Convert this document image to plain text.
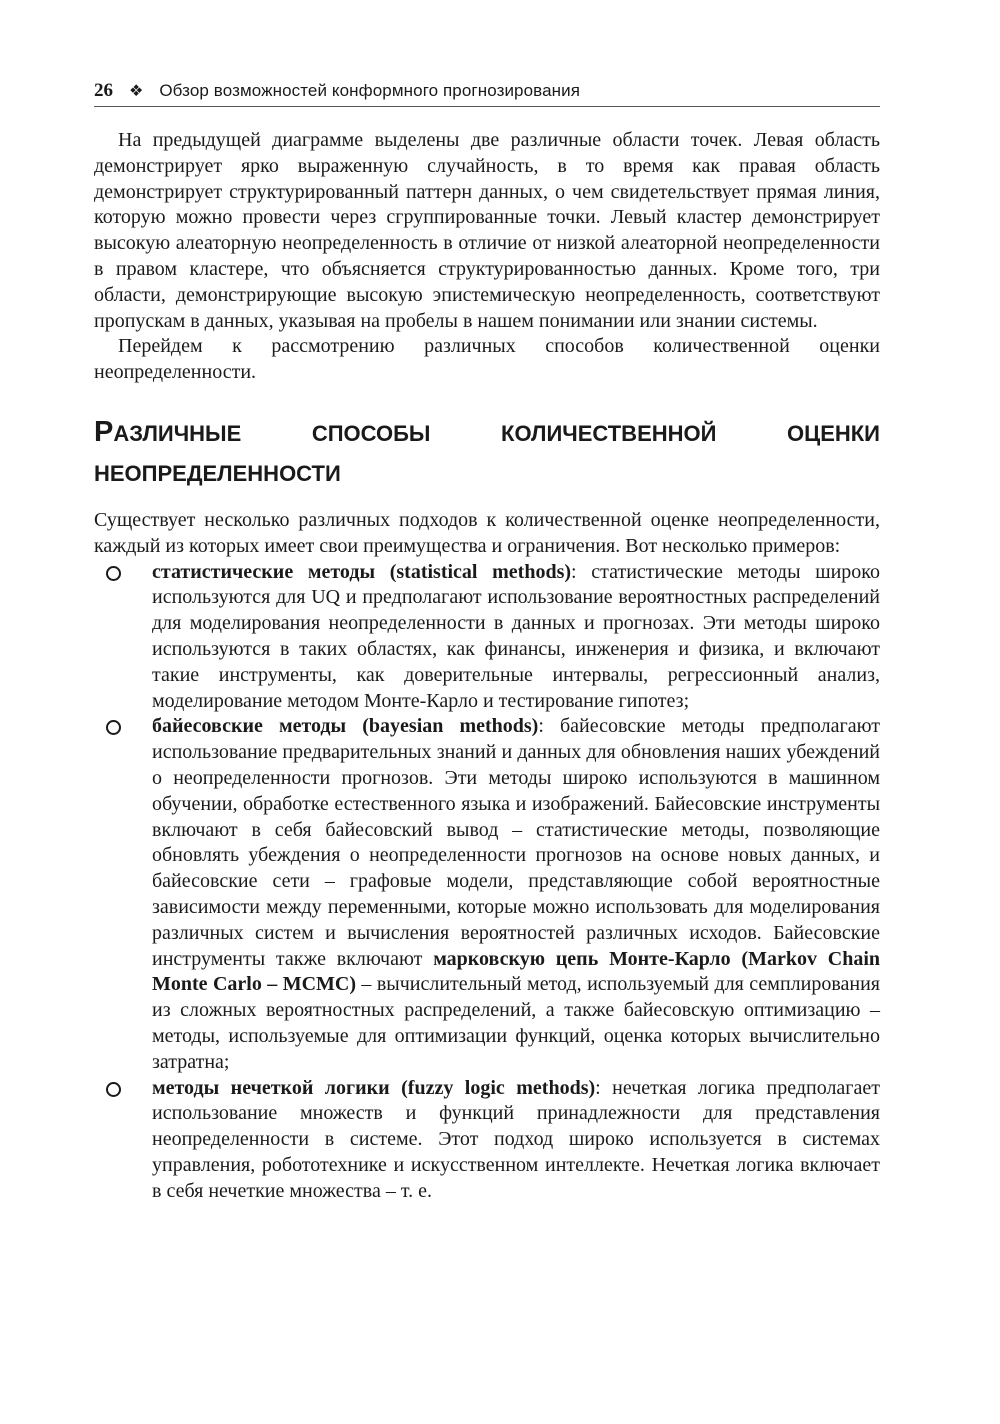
26 ❖ Обзор возможностей конформного прогнозирования

На предыдущей диаграмме выделены две различные области точек. Левая область демонстрирует ярко выраженную случайность, в то время как правая область демонстрирует структурированный паттерн данных, о чем свидетельствует прямая линия, которую можно провести через сгруппированные точки. Левый кластер демонстрирует высокую алеаторную неопределенность в отличие от низкой алеаторной неопределенности в правом кластере, что объясняется структурированностью данных. Кроме того, три области, демонстрирующие высокую эпистемическую неопределенность, соответствуют пропускам в данных, указывая на пробелы в нашем понимании или знании системы.

Перейдем к рассмотрению различных способов количественной оценки неопределенности.

РАЗЛИЧНЫЕ СПОСОБЫ КОЛИЧЕСТВЕННОЙ ОЦЕНКИ НЕОПРЕДЕЛЕННОСТИ

Существует несколько различных подходов к количественной оценке неопределенности, каждый из которых имеет свои преимущества и ограничения. Вот несколько примеров:

статистические методы (statistical methods): статистические методы широко используются для UQ и предполагают использование вероятностных распределений для моделирования неопределенности в данных и прогнозах. Эти методы широко используются в таких областях, как финансы, инженерия и физика, и включают такие инструменты, как доверительные интервалы, регрессионный анализ, моделирование методом Монте-Карло и тестирование гипотез;
байесовские методы (bayesian methods): байесовские методы предполагают использование предварительных знаний и данных для обновления наших убеждений о неопределенности прогнозов. Эти методы широко используются в машинном обучении, обработке естественного языка и изображений. Байесовские инструменты включают в себя байесовский вывод – статистические методы, позволяющие обновлять убеждения о неопределенности прогнозов на основе новых данных, и байесовские сети – графовые модели, представляющие собой вероятностные зависимости между переменными, которые можно использовать для моделирования различных систем и вычисления вероятностей различных исходов. Байесовские инструменты также включают марковскую цепь Монте-Карло (Markov Chain Monte Carlo – MCMC) – вычислительный метод, используемый для семплирования из сложных вероятностных распределений, а также байесовскую оптимизацию – методы, используемые для оптимизации функций, оценка которых вычислительно затратна;
методы нечеткой логики (fuzzy logic methods): нечеткая логика предполагает использование множеств и функций принадлежности для представления неопределенности в системе. Этот подход широко используется в системах управления, робототехнике и искусственном интеллекте. Нечеткая логика включает в себя нечеткие множества – т. е.
